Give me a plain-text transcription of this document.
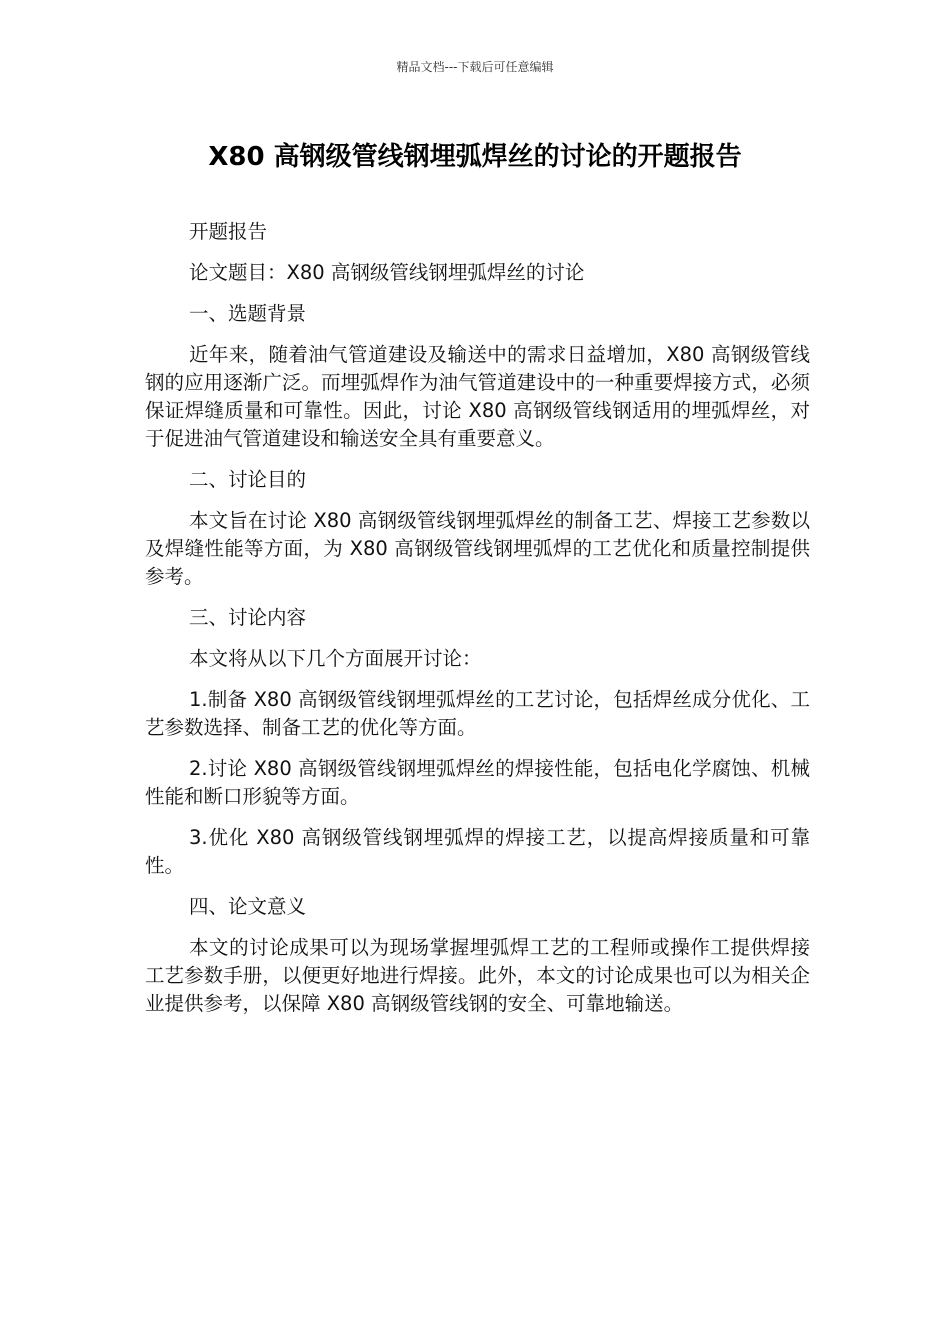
精品文档---下载后可任意编辑
X80 高钢级管线钢埋弧焊丝的讨论的开题报告

开题报告

论文题目：X80 高钢级管线钢埋弧焊丝的讨论

一、选题背景

近年来，随着油气管道建设及输送中的需求日益增加，X80 高钢级管线钢的应用逐渐广泛。而埋弧焊作为油气管道建设中的一种重要焊接方式，必须保证焊缝质量和可靠性。因此，讨论 X80 高钢级管线钢适用的埋弧焊丝，对于促进油气管道建设和输送安全具有重要意义。

二、讨论目的

本文旨在讨论 X80 高钢级管线钢埋弧焊丝的制备工艺、焊接工艺参数以及焊缝性能等方面，为 X80 高钢级管线钢埋弧焊的工艺优化和质量控制提供参考。

三、讨论内容

本文将从以下几个方面展开讨论：

1.制备 X80 高钢级管线钢埋弧焊丝的工艺讨论，包括焊丝成分优化、工艺参数选择、制备工艺的优化等方面。

2.讨论 X80 高钢级管线钢埋弧焊丝的焊接性能，包括电化学腐蚀、机械性能和断口形貌等方面。

3.优化 X80 高钢级管线钢埋弧焊的焊接工艺，以提高焊接质量和可靠性。

四、论文意义

本文的讨论成果可以为现场掌握埋弧焊工艺的工程师或操作工提供焊接工艺参数手册，以便更好地进行焊接。此外，本文的讨论成果也可以为相关企业提供参考，以保障 X80 高钢级管线钢的安全、可靠地输送。
